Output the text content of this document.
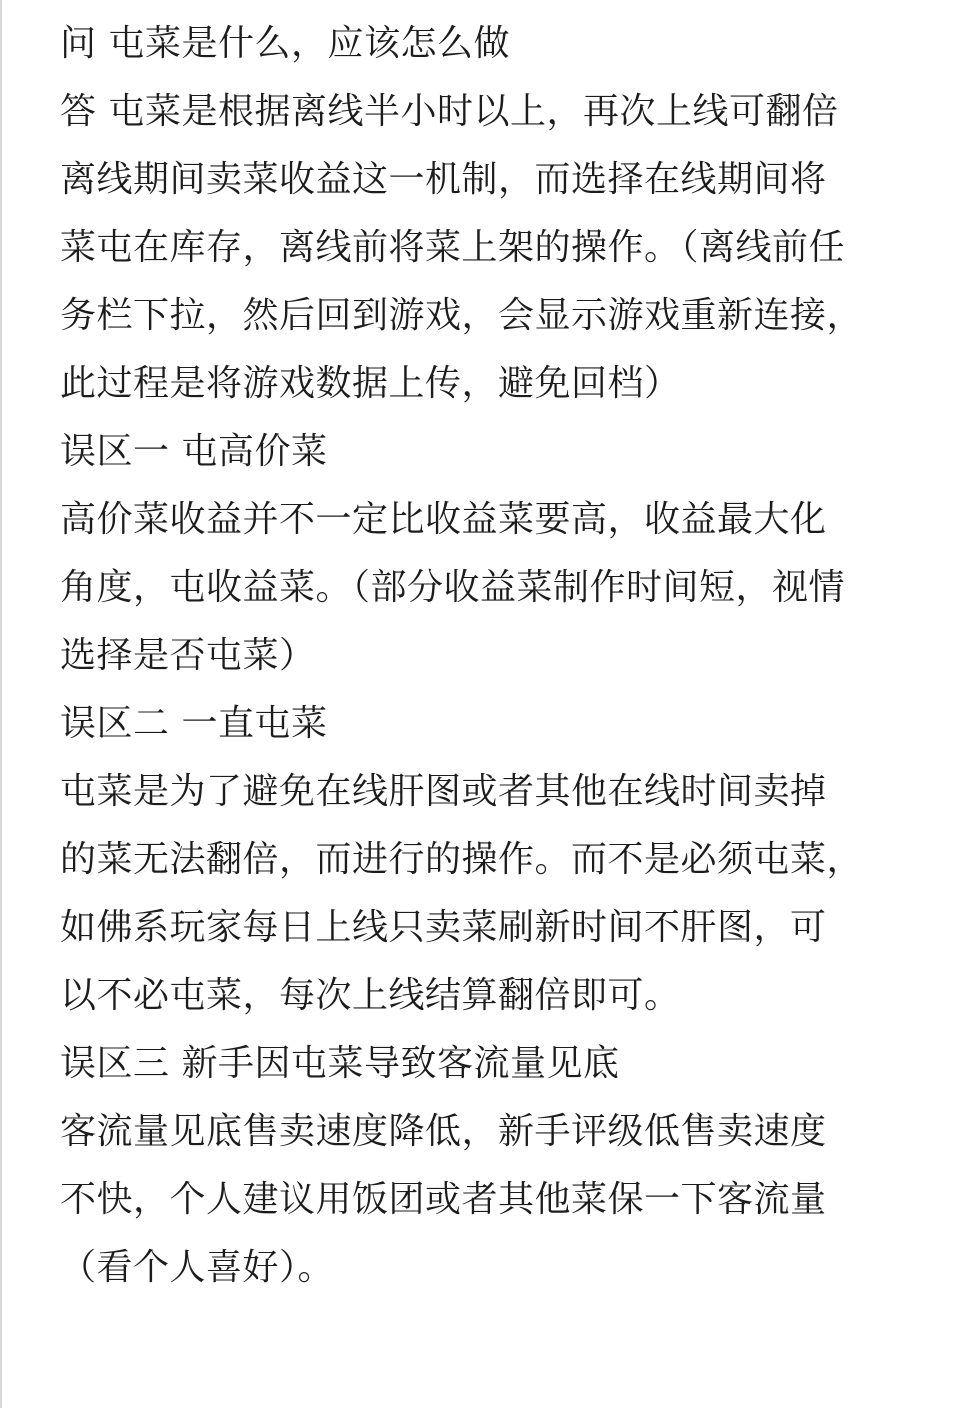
问 屯菜是什么，应该怎么做
答 屯菜是根据离线半小时以上，再次上线可翻倍
离线期间卖菜收益这一机制，而选择在线期间将
菜屯在库存，离线前将菜上架的操作。（离线前任
务栏下拉，然后回到游戏，会显示游戏重新连接，
此过程是将游戏数据上传，避免回档）
误区一 屯高价菜
高价菜收益并不一定比收益菜要高，收益最大化
角度，屯收益菜。（部分收益菜制作时间短，视情
选择是否屯菜）
误区二 一直屯菜
屯菜是为了避免在线肝图或者其他在线时间卖掉
的菜无法翻倍，而进行的操作。而不是必须屯菜，
如佛系玩家每日上线只卖菜刷新时间不肝图，可
以不必屯菜，每次上线结算翻倍即可。
误区三 新手因屯菜导致客流量见底
客流量见底售卖速度降低，新手评级低售卖速度
不快，个人建议用饭团或者其他菜保一下客流量
（看个人喜好）。
